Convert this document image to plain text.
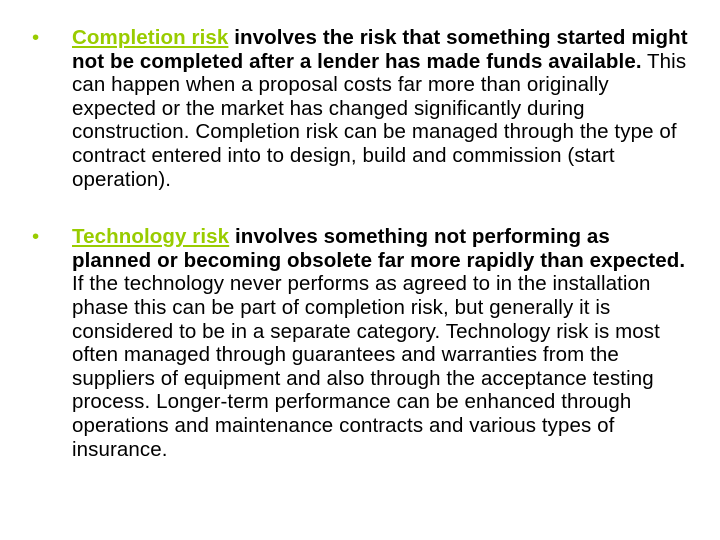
•	Completion risk involves the risk that something started might not be completed after a lender has made funds available. This can happen when a proposal costs far more than originally expected or the market has changed significantly during construction. Completion risk can be managed through the type of contract entered into to design, build and commission (start operation).
•	Technology risk involves something not performing as planned or becoming obsolete far more rapidly than expected. If the technology never performs as agreed to in the installation phase this can be part of completion risk, but generally it is considered to be in a separate category. Technology risk is most often managed through guarantees and warranties from the suppliers of equipment and also through the acceptance testing process. Longer-term performance can be enhanced through operations and maintenance contracts and various types of insurance.
